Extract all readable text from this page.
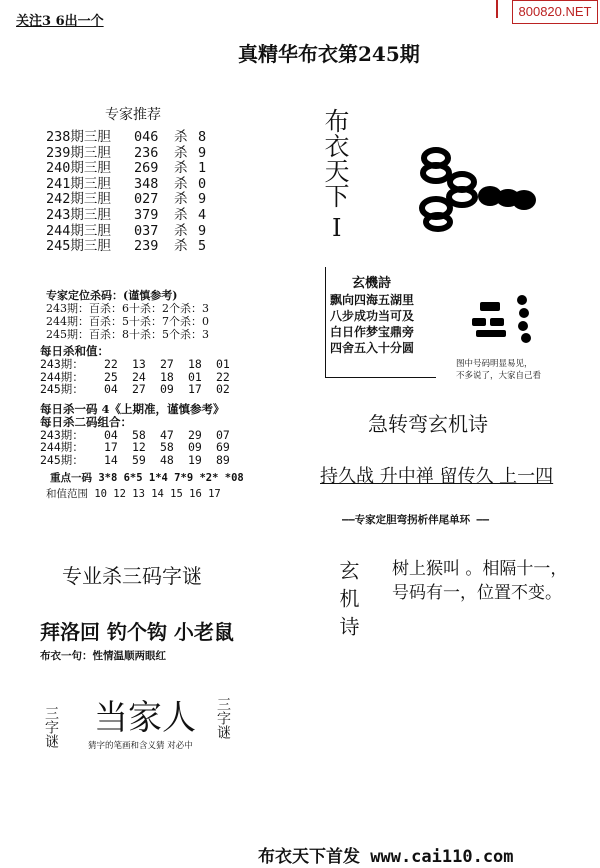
关注3 6出一个
800820.NET
真精华布衣第245期
专家推荐
238期三胆 046 杀 8
239期三胆 236 杀 9
240期三胆 269 杀 1
241期三胆 348 杀 0
242期三胆 027 杀 9
243期三胆 379 杀 4
244期三胆 037 杀 9
245期三胆 239 杀 5
专家定位杀码：(谨慎参考)
243期：百杀：6十杀：2个杀：3
244期：百杀：5十杀：7个杀：0
245期：百杀：8十杀：5个杀：3
每日杀和值：
243期： 22 13 27 18 01
244期： 25 24 18 01 22
245期： 04 27 09 17 02
每日杀一码 4《上期准，谨慎参考》
每日杀二码组合：
243期： 04 58 47 29 07
244期： 17 12 58 09 69
245期： 14 59 48 19 89
重点一码 3*8 6*5 1*4 7*9 *2* *08
和值范围 10 12 13 14 15 16 17
专业杀三码字谜
拜洛回 钓个钩 小老鼠
布衣一句：性情温顺两眼红
三字谜	三字谜
当家人
猜字的笔画和含义猜 对必中
布衣天下
I
玄機詩
飘向四海五湖里
八步成功当可及
白日作梦宝鼎旁
四舍五入十分圆
图中号码明显易见，
不多说了，大家自己看
急转弯玄机诗
持久战 升中禅 留传久 上一四
——专家定胆弯拐析伴尾单环 ——
玄机诗 树上猴叫 。相隔十一，
号码有一，位置不变。
布衣天下首发 www.cai110.com
